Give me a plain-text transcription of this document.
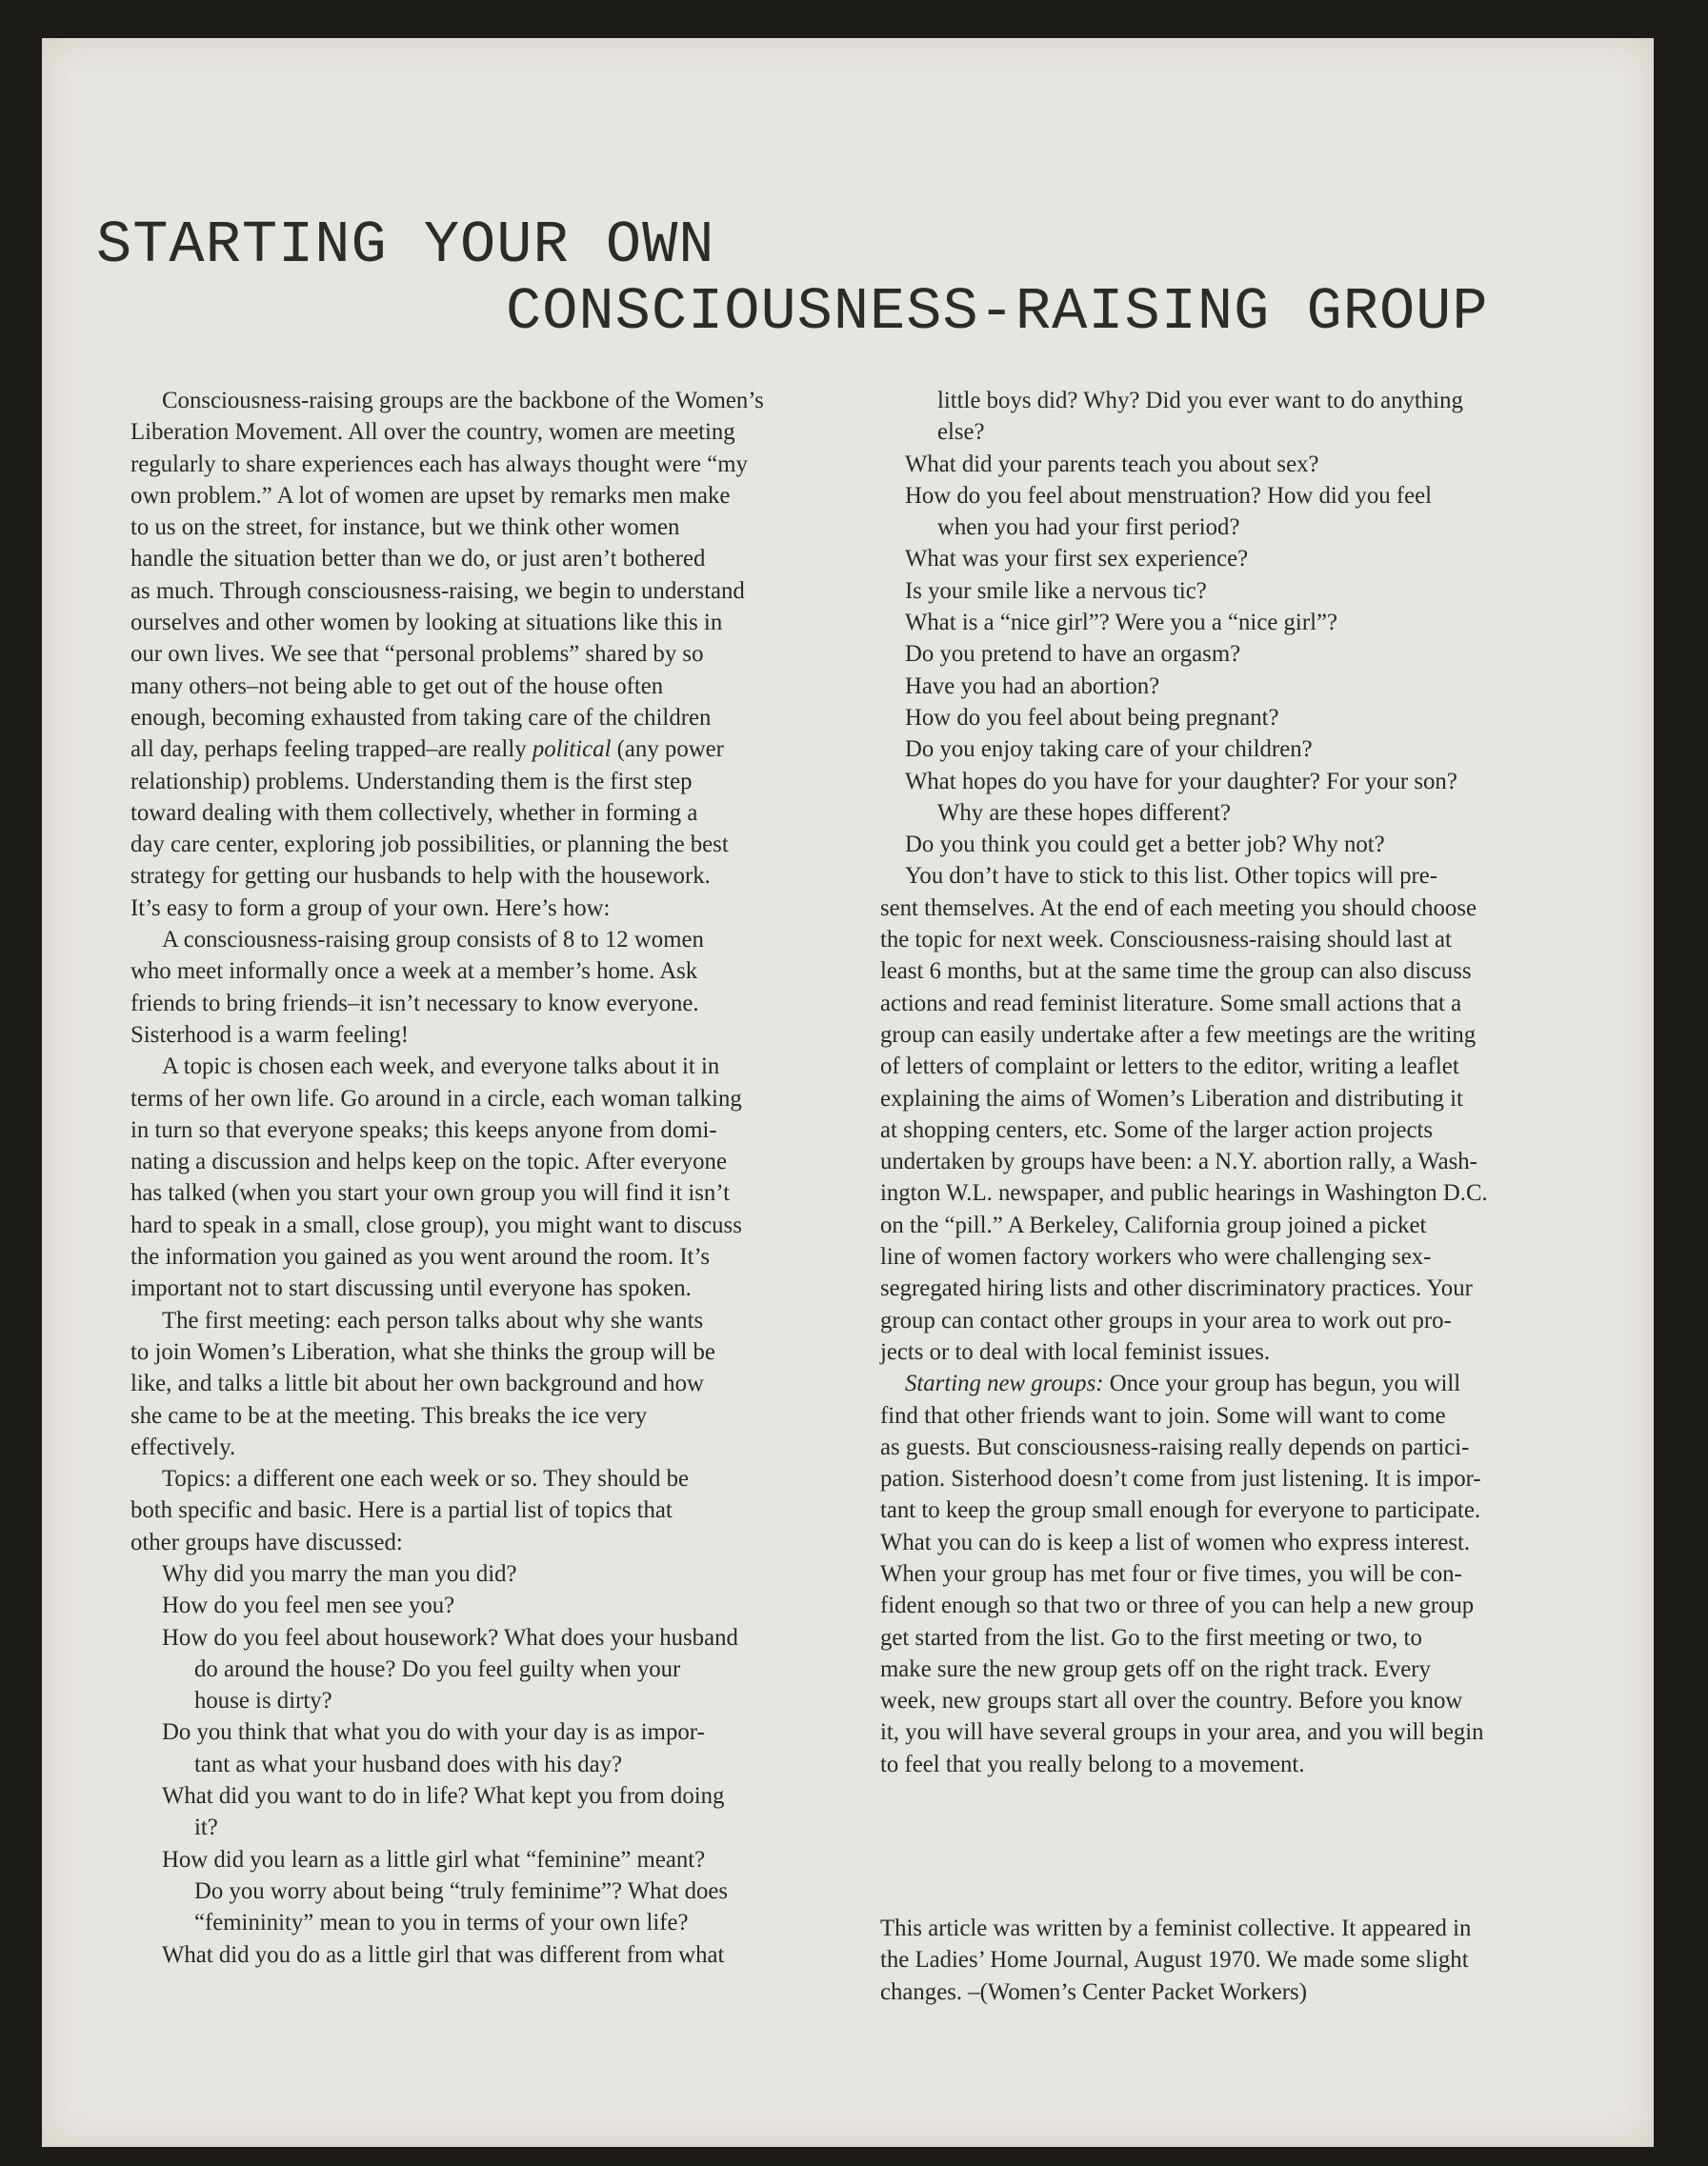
STARTING YOUR OWN
CONSCIOUSNESS-RAISING GROUP

Consciousness-raising groups are the backbone of the Women’s

Liberation Movement. All over the country, women are meeting

regularly to share experiences each has always thought were “my

own problem.” A lot of women are upset by remarks men make

to us on the street, for instance, but we think other women

handle the situation better than we do, or just aren’t bothered

as much. Through consciousness-raising, we begin to understand

ourselves and other women by looking at situations like this in

our own lives. We see that “personal problems” shared by so

many others–not being able to get out of the house often

enough, becoming exhausted from taking care of the children

all day, perhaps feeling trapped–are really political (any power

relationship) problems. Understanding them is the first step

toward dealing with them collectively, whether in forming a

day care center, exploring job possibilities, or planning the best

strategy for getting our husbands to help with the housework.

It’s easy to form a group of your own. Here’s how:

A consciousness-raising group consists of 8 to 12 women

who meet informally once a week at a member’s home. Ask

friends to bring friends–it isn’t necessary to know everyone.

Sisterhood is a warm feeling!

A topic is chosen each week, and everyone talks about it in

terms of her own life. Go around in a circle, each woman talking

in turn so that everyone speaks; this keeps anyone from domi-

nating a discussion and helps keep on the topic. After everyone

has talked (when you start your own group you will find it isn’t

hard to speak in a small, close group), you might want to discuss

the information you gained as you went around the room. It’s

important not to start discussing until everyone has spoken.

The first meeting: each person talks about why she wants

to join Women’s Liberation, what she thinks the group will be

like, and talks a little bit about her own background and how

she came to be at the meeting. This breaks the ice very

effectively.

Topics: a different one each week or so. They should be

both specific and basic. Here is a partial list of topics that

other groups have discussed:

Why did you marry the man you did?

How do you feel men see you?

How do you feel about housework? What does your husband

do around the house? Do you feel guilty when your

house is dirty?

Do you think that what you do with your day is as impor-

tant as what your husband does with his day?

What did you want to do in life? What kept you from doing

it?

How did you learn as a little girl what “feminine” meant?

Do you worry about being “truly feminime”? What does

“femininity” mean to you in terms of your own life?

What did you do as a little girl that was different from what

little boys did? Why? Did you ever want to do anything

else?

What did your parents teach you about sex?

How do you feel about menstruation? How did you feel

when you had your first period?

What was your first sex experience?

Is your smile like a nervous tic?

What is a “nice girl”? Were you a “nice girl”?

Do you pretend to have an orgasm?

Have you had an abortion?

How do you feel about being pregnant?

Do you enjoy taking care of your children?

What hopes do you have for your daughter? For your son?

Why are these hopes different?

Do you think you could get a better job? Why not?

You don’t have to stick to this list. Other topics will pre-

sent themselves. At the end of each meeting you should choose

the topic for next week. Consciousness-raising should last at

least 6 months, but at the same time the group can also discuss

actions and read feminist literature. Some small actions that a

group can easily undertake after a few meetings are the writing

of letters of complaint or letters to the editor, writing a leaflet

explaining the aims of Women’s Liberation and distributing it

at shopping centers, etc. Some of the larger action projects

undertaken by groups have been: a N.Y. abortion rally, a Wash-

ington W.L. newspaper, and public hearings in Washington D.C.

on the “pill.” A Berkeley, California group joined a picket

line of women factory workers who were challenging sex-

segregated hiring lists and other discriminatory practices. Your

group can contact other groups in your area to work out pro-

jects or to deal with local feminist issues.

Starting new groups: Once your group has begun, you will

find that other friends want to join. Some will want to come

as guests. But consciousness-raising really depends on partici-

pation. Sisterhood doesn’t come from just listening. It is impor-

tant to keep the group small enough for everyone to participate.

What you can do is keep a list of women who express interest.

When your group has met four or five times, you will be con-

fident enough so that two or three of you can help a new group

get started from the list. Go to the first meeting or two, to

make sure the new group gets off on the right track. Every

week, new groups start all over the country. Before you know

it, you will have several groups in your area, and you will begin

to feel that you really belong to a movement.

This article was written by a feminist collective. It appeared in

the Ladies’ Home Journal, August 1970. We made some slight

changes. –(Women’s Center Packet Workers)
